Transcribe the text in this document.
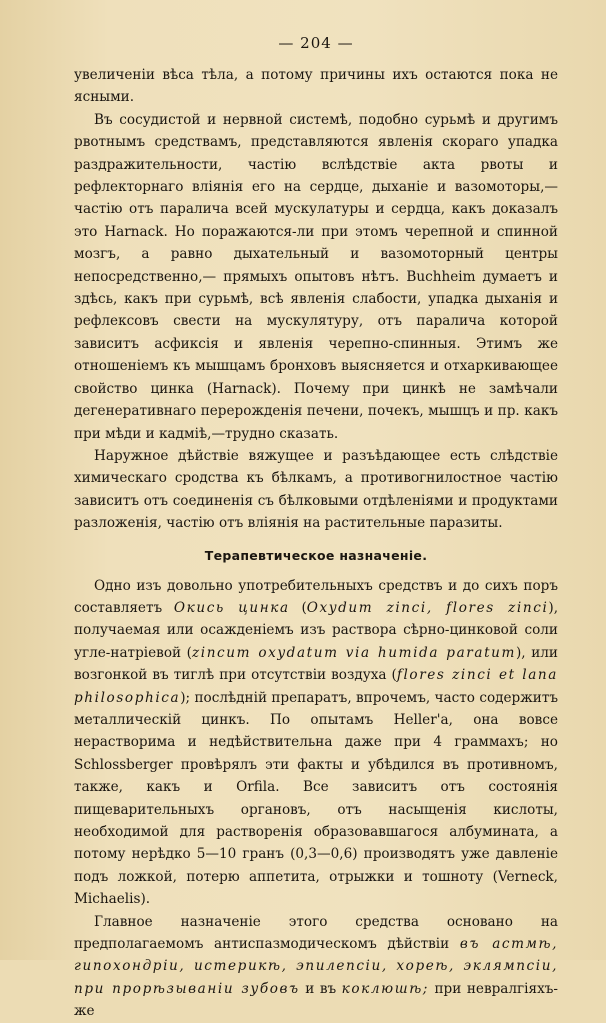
— 204 —

увеличеніи вѣса тѣла, а потому причины ихъ остаются пока не ясными.

Въ сосудистой и нервной системѣ, подобно сурьмѣ и другимъ рвотнымъ средствамъ, представляются явленія скораго упадка раздражительности, частію вслѣдствіе акта рвоты и рефлекторнаго вліянія его на сердце, дыханіе и вазомоторы,—частію отъ паралича всей мускулатуры и сердца, какъ доказалъ это Harnack. Но поражаются-ли при этомъ черепной и спинной мозгъ, а равно дыхательный и вазомоторный центры непосредственно,— прямыхъ опытовъ нѣтъ. Buchheim думаетъ и здѣсь, какъ при сурьмѣ, всѣ явленія слабости, упадка дыханія и рефлексовъ свести на мускулятуру, отъ паралича которой зависитъ асфиксія и явленія черепно-спинныя. Этимъ же отношеніемъ къ мышцамъ бронховъ выясняется и отхаркивающее свойство цинка (Harnack). Почему при цинкѣ не замѣчали дегенеративнаго перерожденія печени, почекъ, мышцъ и пр. какъ при мѣди и кадміѣ,—трудно сказать.

Наружное дѣйствіе вяжущее и разъѣдающее есть слѣдствіе химическаго сродства къ бѣлкамъ, а противогнилостное частію зависитъ отъ соединенія съ бѣлковыми отдѣленіями и продуктами разложенія, частію отъ вліянія на растительные паразиты.

Терапевтическое назначеніе.

Одно изъ довольно употребительныхъ средствъ и до сихъ поръ составляетъ Окись цинка (Oxydum zinci, flores zinci), получаемая или осажденіемъ изъ раствора сѣрно-цинковой соли угле-натріевой (zincum oxydatum via humida paratum), или возгонкой въ тиглѣ при отсутствіи воздуха (flores zinci et lana philosophica); послѣдній препаратъ, впрочемъ, часто содержитъ металлическій цинкъ. По опытамъ Heller'а, она вовсе нерастворима и недѣйствительна даже при 4 граммахъ; но Schlossberger провѣрялъ эти факты и убѣдился въ противномъ, также, какъ и Orfila. Все зависитъ отъ состоянія пищеварительныхъ органовъ, отъ насыщенія кислоты, необходимой для растворенія образовавшагося албумината, а потому нерѣдко 5—10 гранъ (0,3—0,6) производятъ уже давленіе подъ ложкой, потерю аппетита, отрыжки и тошноту (Verneck, Michaelis).

Главное назначеніе этого средства основано на предполагаемомъ антиспазмодическомъ дѣйствіи въ астмѣ, гипохондріи, истерикѣ, эпилепсіи, хореѣ, эклямпсіи, при прорѣзываніи зубовъ и въ коклюшѣ; при невралгіяхъ-же
